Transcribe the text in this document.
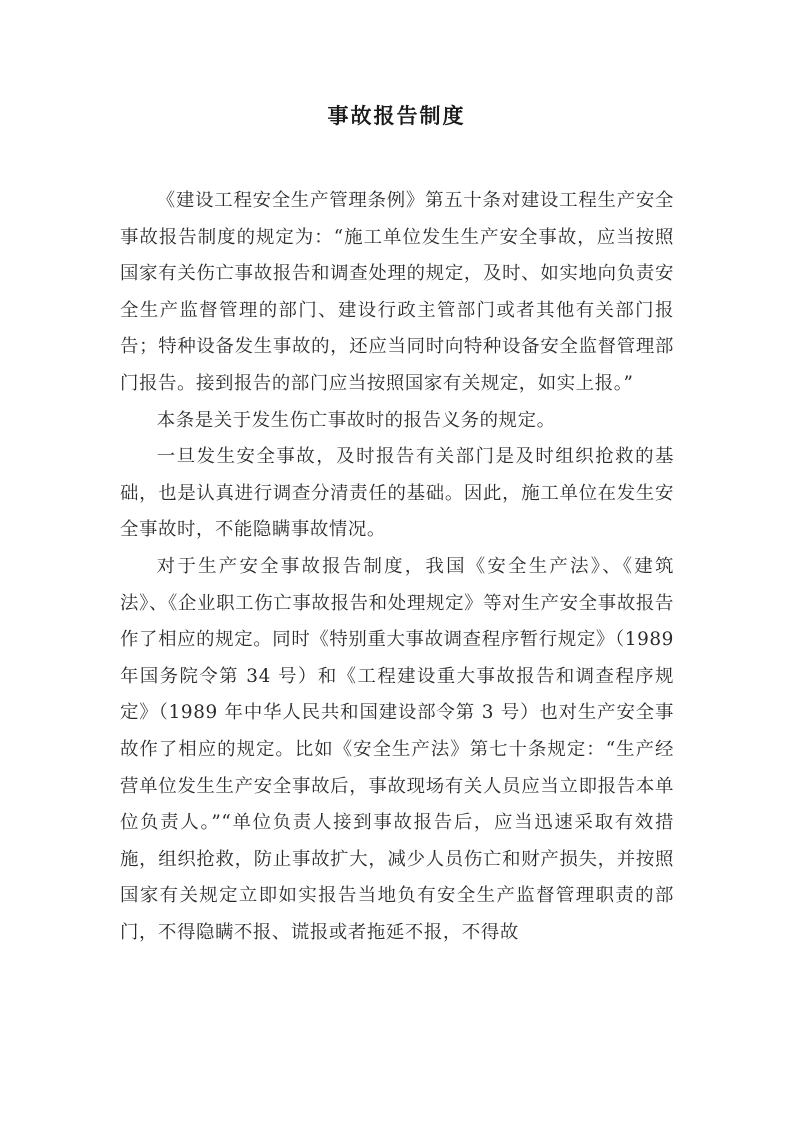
事故报告制度

《建设工程安全生产管理条例》第五十条对建设工程生产安全事故报告制度的规定为：“施工单位发生生产安全事故，应当按照国家有关伤亡事故报告和调查处理的规定，及时、如实地向负责安全生产监督管理的部门、建设行政主管部门或者其他有关部门报告；特种设备发生事故的，还应当同时向特种设备安全监督管理部门报告。接到报告的部门应当按照国家有关规定，如实上报。”

本条是关于发生伤亡事故时的报告义务的规定。

一旦发生安全事故，及时报告有关部门是及时组织抢救的基础，也是认真进行调查分清责任的基础。因此，施工单位在发生安全事故时，不能隐瞒事故情况。

对于生产安全事故报告制度，我国《安全生产法》、《建筑法》、《企业职工伤亡事故报告和处理规定》等对生产安全事故报告作了相应的规定。同时《特别重大事故调查程序暂行规定》（1989 年国务院令第 34 号）和《工程建设重大事故报告和调查程序规定》（1989 年中华人民共和国建设部令第 3 号）也对生产安全事故作了相应的规定。比如《安全生产法》第七十条规定：“生产经营单位发生生产安全事故后，事故现场有关人员应当立即报告本单位负责人。”“单位负责人接到事故报告后，应当迅速采取有效措施，组织抢救，防止事故扩大，减少人员伤亡和财产损失，并按照国家有关规定立即如实报告当地负有安全生产监督管理职责的部门，不得隐瞒不报、谎报或者拖延不报，不得故
